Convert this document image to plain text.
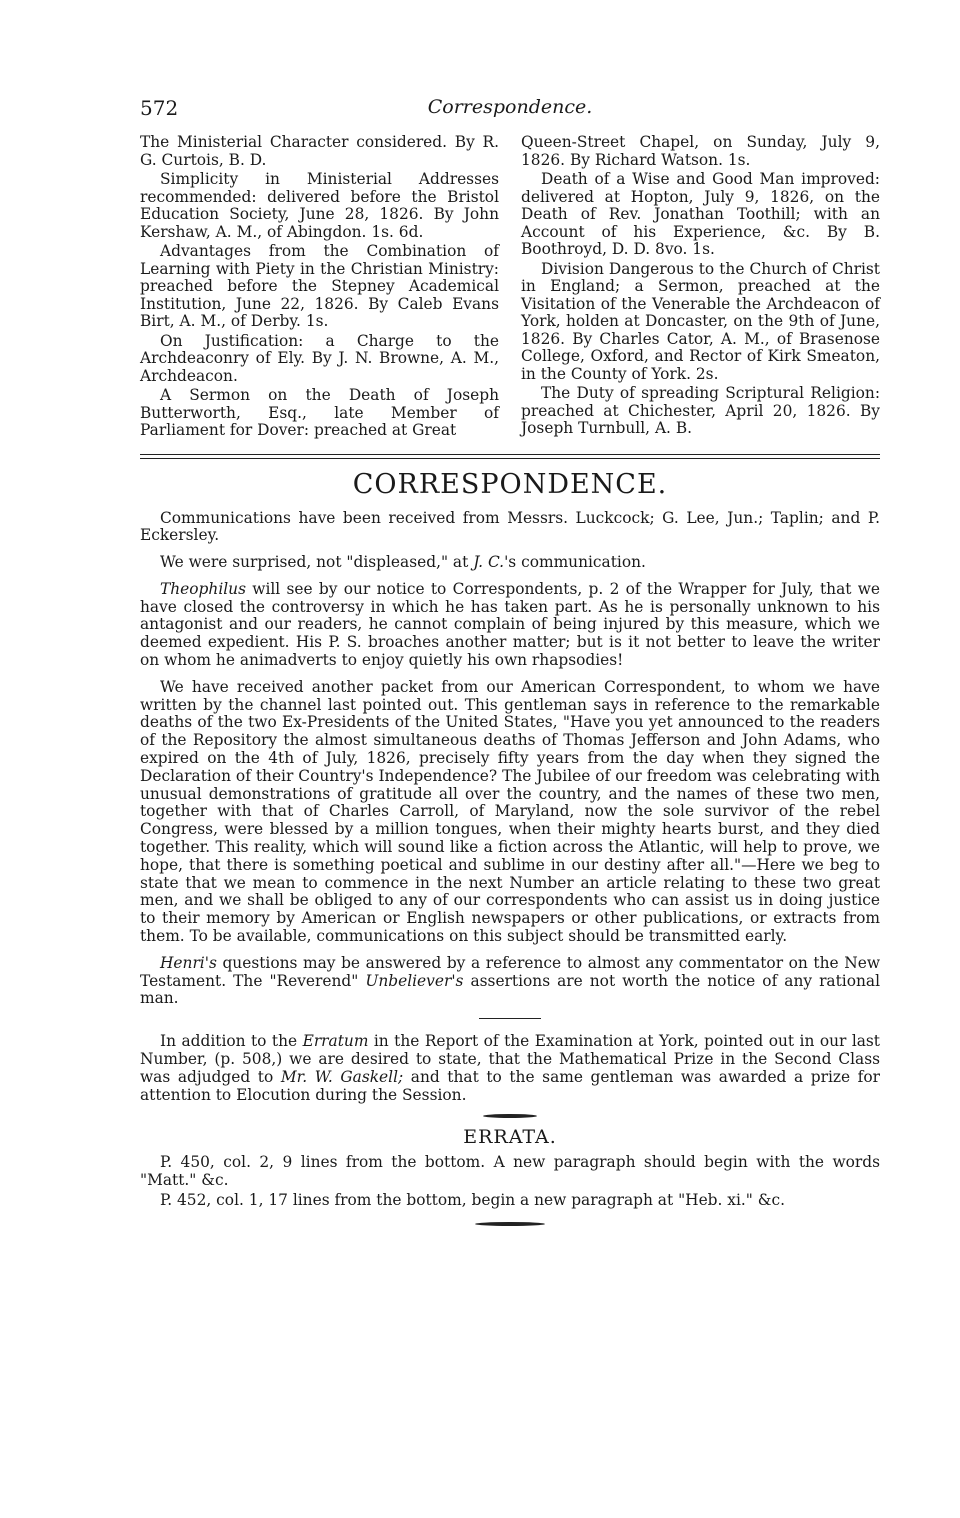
572	Correspondence.

The Ministerial Character considered. By R. G. Curtois, B. D.

Simplicity in Ministerial Addresses recommended: delivered before the Bristol Education Society, June 28, 1826. By John Kershaw, A. M., of Abingdon. 1s. 6d.

Advantages from the Combination of Learning with Piety in the Christian Ministry: preached before the Stepney Academical Institution, June 22, 1826. By Caleb Evans Birt, A. M., of Derby. 1s.

On Justification: a Charge to the Archdeaconry of Ely. By J. N. Browne, A. M., Archdeacon.

A Sermon on the Death of Joseph Butterworth, Esq., late Member of Parliament for Dover: preached at Great

Queen-Street Chapel, on Sunday, July 9, 1826. By Richard Watson. 1s.

Death of a Wise and Good Man improved: delivered at Hopton, July 9, 1826, on the Death of Rev. Jonathan Toothill; with an Account of his Experience, &c. By B. Boothroyd, D. D. 8vo. 1s.

Division Dangerous to the Church of Christ in England; a Sermon, preached at the Visitation of the Venerable the Archdeacon of York, holden at Doncaster, on the 9th of June, 1826. By Charles Cator, A. M., of Brasenose College, Oxford, and Rector of Kirk Smeaton, in the County of York. 2s.

The Duty of spreading Scriptural Religion: preached at Chichester, April 20, 1826. By Joseph Turnbull, A. B.

CORRESPONDENCE.

Communications have been received from Messrs. Luckcock; G. Lee, Jun.; Taplin; and P. Eckersley.

We were surprised, not "displeased," at J. C.'s communication.

Theophilus will see by our notice to Correspondents, p. 2 of the Wrapper for July, that we have closed the controversy in which he has taken part. As he is personally unknown to his antagonist and our readers, he cannot complain of being injured by this measure, which we deemed expedient. His P. S. broaches another matter; but is it not better to leave the writer on whom he animadverts to enjoy quietly his own rhapsodies!

We have received another packet from our American Correspondent, to whom we have written by the channel last pointed out. This gentleman says in reference to the remarkable deaths of the two Ex-Presidents of the United States, "Have you yet announced to the readers of the Repository the almost simultaneous deaths of Thomas Jefferson and John Adams, who expired on the 4th of July, 1826, precisely fifty years from the day when they signed the Declaration of their Country's Independence? The Jubilee of our freedom was celebrating with unusual demonstrations of gratitude all over the country, and the names of these two men, together with that of Charles Carroll, of Maryland, now the sole survivor of the rebel Congress, were blessed by a million tongues, when their mighty hearts burst, and they died together. This reality, which will sound like a fiction across the Atlantic, will help to prove, we hope, that there is something poetical and sublime in our destiny after all."—Here we beg to state that we mean to commence in the next Number an article relating to these two great men, and we shall be obliged to any of our correspondents who can assist us in doing justice to their memory by American or English newspapers or other publications, or extracts from them. To be available, communications on this subject should be transmitted early.

Henri's questions may be answered by a reference to almost any commentator on the New Testament. The "Reverend" Unbeliever's assertions are not worth the notice of any rational man.

In addition to the Erratum in the Report of the Examination at York, pointed out in our last Number, (p. 508,) we are desired to state, that the Mathematical Prize in the Second Class was adjudged to Mr. W. Gaskell; and that to the same gentleman was awarded a prize for attention to Elocution during the Session.

ERRATA.

P. 450, col. 2, 9 lines from the bottom. A new paragraph should begin with the words "Matt." &c.

P. 452, col. 1, 17 lines from the bottom, begin a new paragraph at "Heb. xi." &c.
